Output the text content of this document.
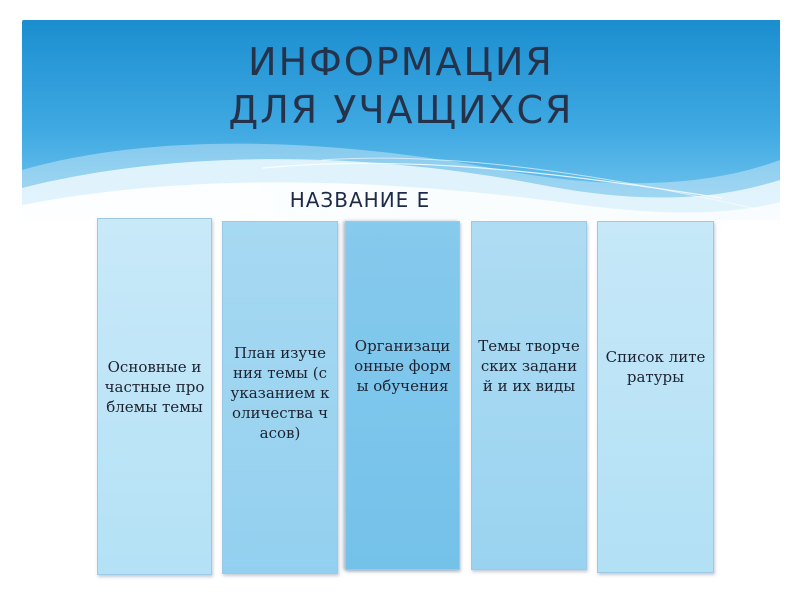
ИНФОРМАЦИЯ
ДЛЯ УЧАЩИХСЯ
НАЗВАНИЕ Е
Основные и частные проблемы темы
План изучения темы (с указанием количества часов)
Организационные формы обучения
Темы творческих заданий и их виды
Список литературы
